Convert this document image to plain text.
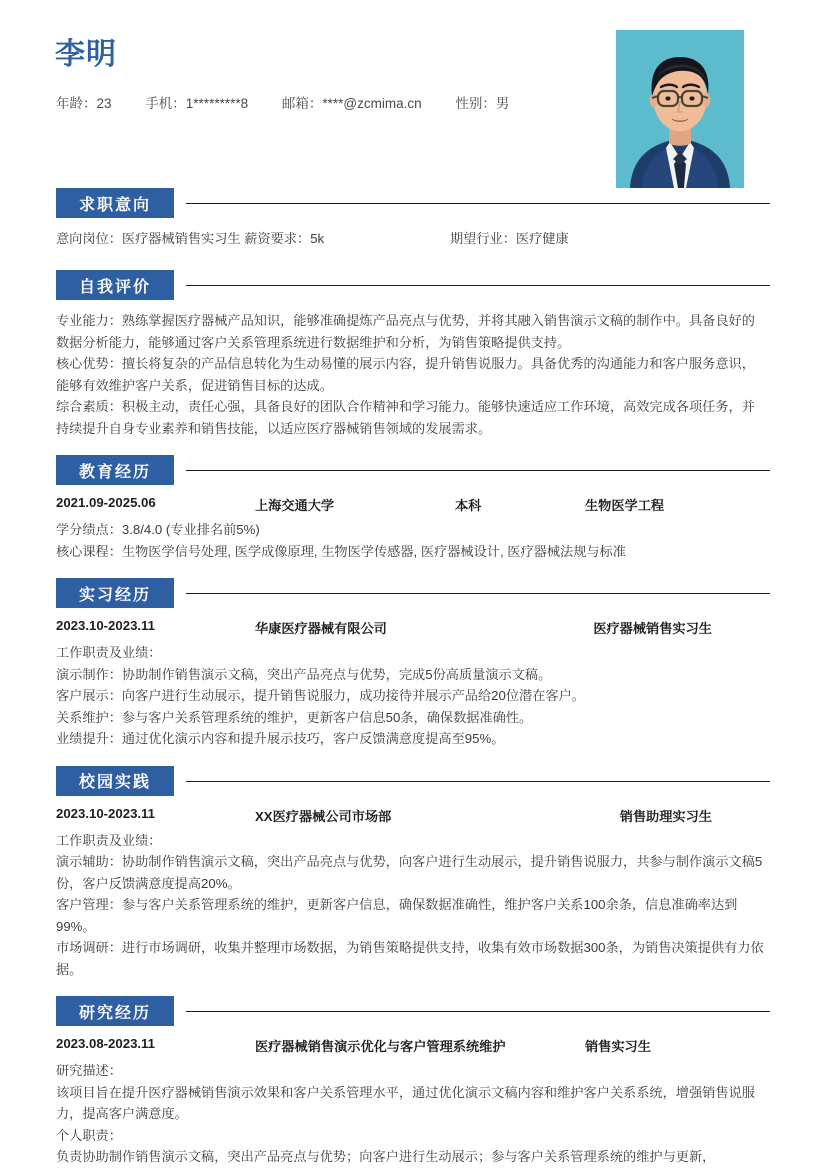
李明
年龄：23	手机：1*********8	邮箱：****@zcmima.cn	性别：男
求职意向
意向岗位：医疗器械销售实习生 薪资要求：5k	期望行业：医疗健康
自我评价

专业能力：熟练掌握医疗器械产品知识，能够准确提炼产品亮点与优势，并将其融入销售演示文稿的制作中。具备良好的数据分析能力，能够通过客户关系管理系统进行数据维护和分析，为销售策略提供支持。

核心优势：擅长将复杂的产品信息转化为生动易懂的展示内容，提升销售说服力。具备优秀的沟通能力和客户服务意识，能够有效维护客户关系，促进销售目标的达成。

综合素质：积极主动，责任心强，具备良好的团队合作精神和学习能力。能够快速适应工作环境，高效完成各项任务，并持续提升自身专业素养和销售技能，以适应医疗器械销售领域的发展需求。

教育经历
2021.09-2025.06	上海交通大学	本科	生物医学工程

学分绩点：3.8/4.0 (专业排名前5%)

核心课程：生物医学信号处理, 医学成像原理, 生物医学传感器, 医疗器械设计, 医疗器械法规与标准

实习经历
2023.10-2023.11	华康医疗器械有限公司	医疗器械销售实习生

工作职责及业绩：

演示制作：协助制作销售演示文稿，突出产品亮点与优势，完成5份高质量演示文稿。

客户展示：向客户进行生动展示，提升销售说服力，成功接待并展示产品给20位潜在客户。

关系维护：参与客户关系管理系统的维护，更新客户信息50条，确保数据准确性。

业绩提升：通过优化演示内容和提升展示技巧，客户反馈满意度提高至95%。

校园实践
2023.10-2023.11	XX医疗器械公司市场部	销售助理实习生

工作职责及业绩：

演示辅助：协助制作销售演示文稿，突出产品亮点与优势，向客户进行生动展示，提升销售说服力，共参与制作演示文稿5份，客户反馈满意度提高20%。

客户管理：参与客户关系管理系统的维护，更新客户信息，确保数据准确性，维护客户关系100余条，信息准确率达到99%。

市场调研：进行市场调研，收集并整理市场数据，为销售策略提供支持，收集有效市场数据300条，为销售决策提供有力依据。

研究经历
2023.08-2023.11	医疗器械销售演示优化与客户管理系统维护	销售实习生

研究描述：

该项目旨在提升医疗器械销售演示效果和客户关系管理水平，通过优化演示文稿内容和维护客户关系系统，增强销售说服力，提高客户满意度。

个人职责：

负责协助制作销售演示文稿，突出产品亮点与优势；向客户进行生动展示；参与客户关系管理系统的维护与更新，
